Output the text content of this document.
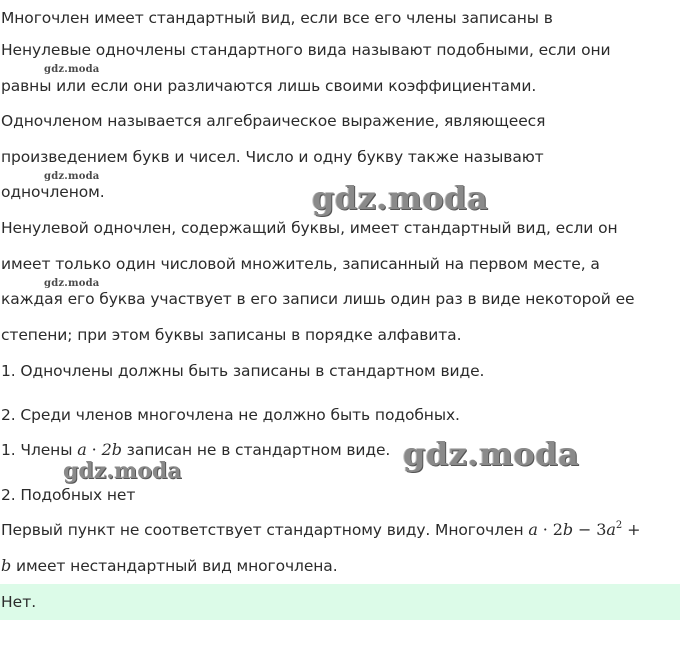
Многочлен имеет стандартный вид, если все его члены записаны в
Ненулевые одночлены стандартного вида называют подобными, если они
равны или если они различаются лишь своими коэффициентами.
Одночленом называется алгебраическое выражение, являющееся
произведением букв и чисел. Число и одну букву также называют
одночленом.
Ненулевой одночлен, содержащий буквы, имеет стандартный вид, если он
имеет только один числовой множитель, записанный на первом месте, а
каждая его буква участвует в его записи лишь один раз в виде некоторой ее
степени; при этом буквы записаны в порядке алфавита.
1. Одночлены должны быть записаны в стандартном виде.
2. Среди членов многочлена не должно быть подобных.
1. Члены a · 2b записан не в стандартном виде.
2. Подобных нет
Первый пункт не соответствует стандартному виду. Многочлен $a \cdot 2b - 3a^2$ +
b имеет нестандартный вид многочлена.
Нет.
gdz.moda
gdz.moda
gdz.moda
gdz.moda
gdz.moda
gdz.moda
